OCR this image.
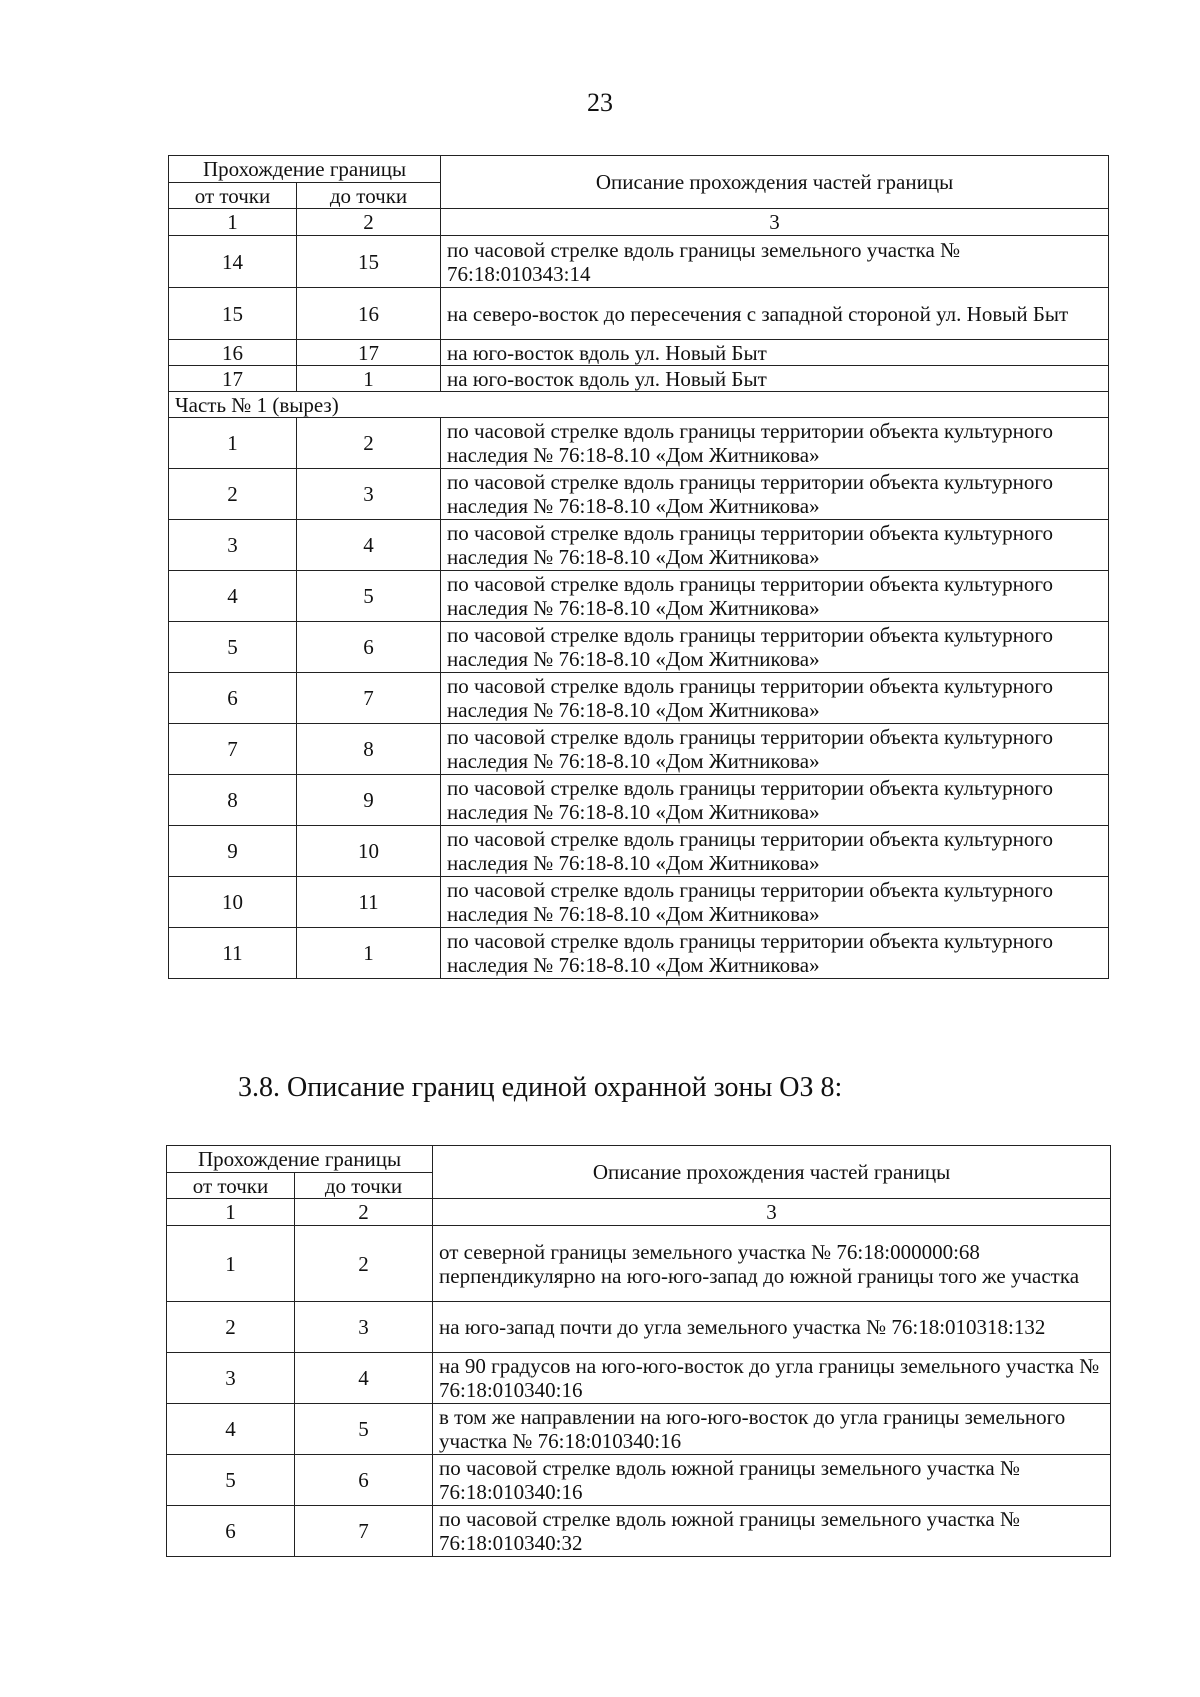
23
Прохождение границы		Описание прохождения частей границы
от точки	до точки	
1	2	3
14	15	по часовой стрелке вдоль границы земельного участка № 76:18:010343:14
15	16	на северо-восток до пересечения с западной стороной ул. Новый Быт
16	17	на юго-восток вдоль ул. Новый Быт
17	1	на юго-восток вдоль ул. Новый Быт
Часть № 1 (вырез)		
1	2	по часовой стрелке вдоль границы территории объекта культурного наследия № 76:18-8.10 «Дом Житникова»
2	3	по часовой стрелке вдоль границы территории объекта культурного наследия № 76:18-8.10 «Дом Житникова»
3	4	по часовой стрелке вдоль границы территории объекта культурного наследия № 76:18-8.10 «Дом Житникова»
4	5	по часовой стрелке вдоль границы территории объекта культурного наследия № 76:18-8.10 «Дом Житникова»
5	6	по часовой стрелке вдоль границы территории объекта культурного наследия № 76:18-8.10 «Дом Житникова»
6	7	по часовой стрелке вдоль границы территории объекта культурного наследия № 76:18-8.10 «Дом Житникова»
7	8	по часовой стрелке вдоль границы территории объекта культурного наследия № 76:18-8.10 «Дом Житникова»
8	9	по часовой стрелке вдоль границы территории объекта культурного наследия № 76:18-8.10 «Дом Житникова»
9	10	по часовой стрелке вдоль границы территории объекта культурного наследия № 76:18-8.10 «Дом Житникова»
10	11	по часовой стрелке вдоль границы территории объекта культурного наследия № 76:18-8.10 «Дом Житникова»
11	1	по часовой стрелке вдоль границы территории объекта культурного наследия № 76:18-8.10 «Дом Житникова»
3.8. Описание границ единой охранной зоны ОЗ 8:
Прохождение границы		Описание прохождения частей границы
от точки	до точки	
1	2	3
1	2	от северной границы земельного участка № 76:18:000000:68 перпендикулярно на юго-юго-запад до южной границы того же участка
2	3	на юго-запад почти до угла земельного участка № 76:18:010318:132
3	4	на 90 градусов на юго-юго-восток до угла границы земельного участка № 76:18:010340:16
4	5	в том же направлении на юго-юго-восток до угла границы земельного участка № 76:18:010340:16
5	6	по часовой стрелке вдоль южной границы земельного участка № 76:18:010340:16
6	7	по часовой стрелке вдоль южной границы земельного участка № 76:18:010340:32
